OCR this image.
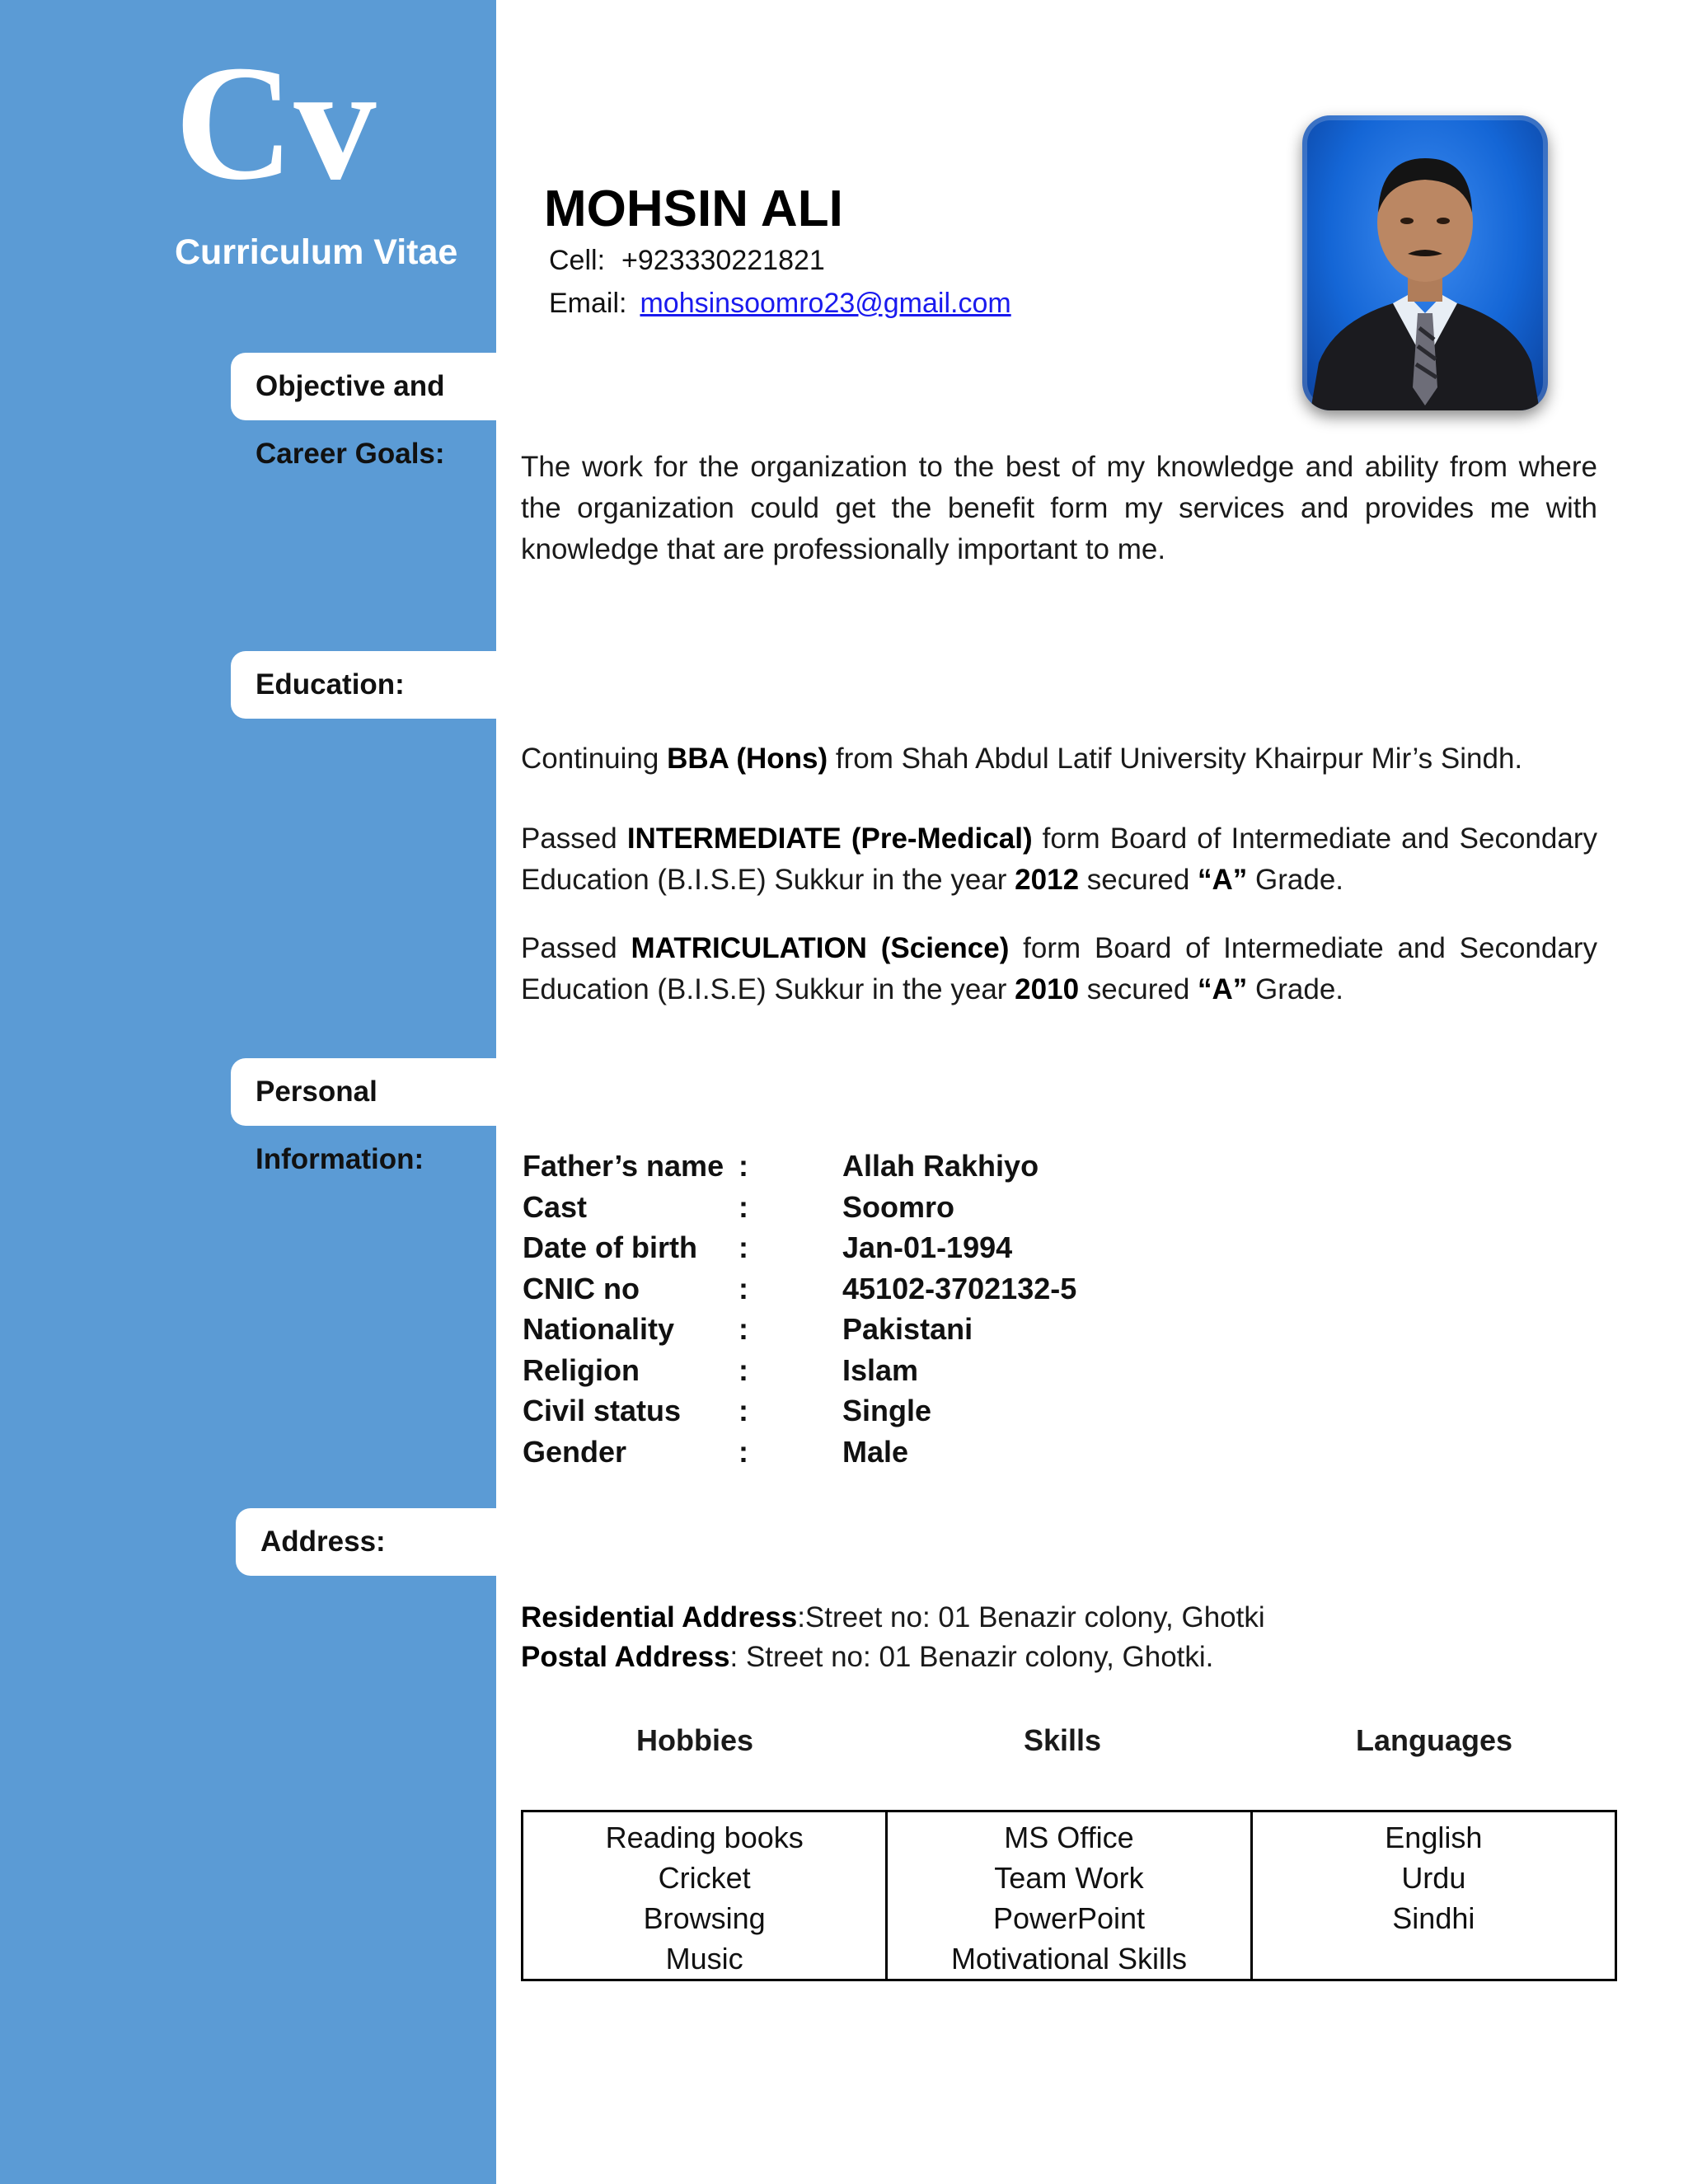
Cv
Curriculum Vitae
MOHSIN ALI
Cell: +923330221821
Email: mohsinsoomro23@gmail.com
Objective and Career Goals:	The work for the organization to the best of my knowledge and ability from where the organization could get the benefit form my services and provides me with knowledge that are professionally important to me.
Education:
Continuing BBA (Hons) from Shah Abdul Latif University Khairpur Mir’s Sindh.
Passed INTERMEDIATE (Pre-Medical) form Board of Intermediate and Secondary Education (B.I.S.E) Sukkur in the year 2012 secured “A” Grade.
Passed MATRICULATION (Science) form Board of Intermediate and Secondary Education (B.I.S.E) Sukkur in the year 2010 secured “A” Grade.
Personal Information:	Father’s name	:	Allah Rakhiyo
Cast	:	Soomro
Date of birth	:	Jan-01-1994
CNIC no	:	45102-3702132-5
Nationality	:	Pakistani
Religion	:	Islam
Civil status	:	Single
Gender	:	Male
Address:
Residential Address:Street no: 01 Benazir colony, Ghotki
Postal Address: Street no: 01 Benazir colony, Ghotki.
Hobbies	Skills	Languages
Reading books
Cricket
Browsing
Music

MS Office
Team Work
PowerPoint
Motivational Skills

English
Urdu
Sindhi
